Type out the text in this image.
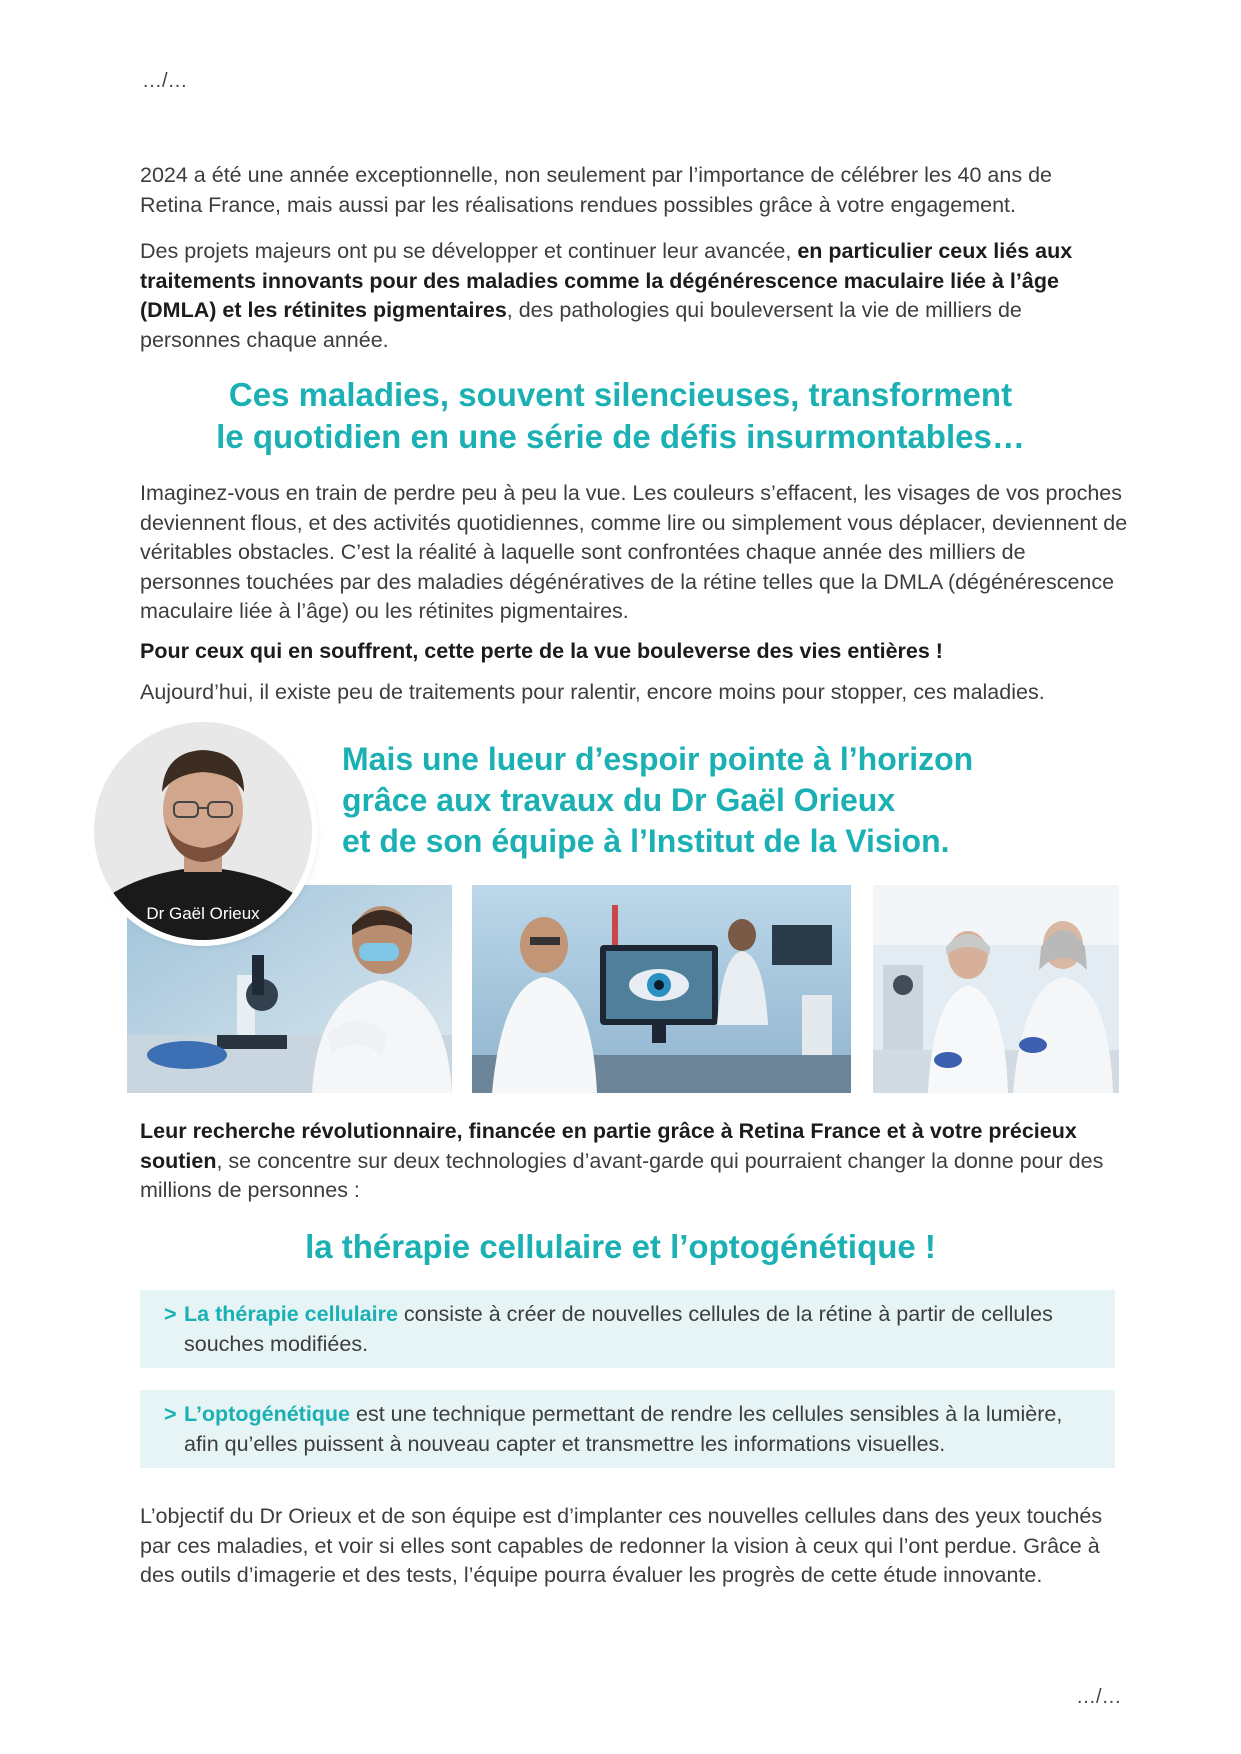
…/…

2024 a été une année exceptionnelle, non seulement par l’importance de célébrer les 40 ans de Retina France, mais aussi par les réalisations rendues possibles grâce à votre engagement.

Des projets majeurs ont pu se développer et continuer leur avancée, en particulier ceux liés aux traitements innovants pour des maladies comme la dégénérescence maculaire liée à l’âge (DMLA) et les rétinites pigmentaires, des pathologies qui bouleversent la vie de milliers de personnes chaque année.

Ces maladies, souvent silencieuses, transforment

le quotidien en une série de défis insurmontables…

Imaginez-vous en train de perdre peu à peu la vue. Les couleurs s’effacent, les visages de vos proches deviennent flous, et des activités quotidiennes, comme lire ou simplement vous déplacer, deviennent de véritables obstacles. C’est la réalité à laquelle sont confrontées chaque année des milliers de personnes touchées par des maladies dégénératives de la rétine telles que la DMLA (dégénérescence maculaire liée à l’âge) ou les rétinites pigmentaires.

Pour ceux qui en souffrent, cette perte de la vue bouleverse des vies entières !

Aujourd’hui, il existe peu de traitements pour ralentir, encore moins pour stopper, ces maladies.

Mais une lueur d’espoir pointe à l’horizon

grâce aux travaux du Dr Gaël Orieux

et de son équipe à l’Institut de la Vision.

Dr Gaël Orieux

Leur recherche révolutionnaire, financée en partie grâce à Retina France et à votre précieux soutien, se concentre sur deux technologies d’avant-garde qui pourraient changer la donne pour des millions de personnes :

la thérapie cellulaire et l’optogénétique !

> La thérapie cellulaire consiste à créer de nouvelles cellules de la rétine à partir de cellules souches modifiées.
> L’optogénétique est une technique permettant de rendre les cellules sensibles à la lumière, afin qu’elles puissent à nouveau capter et transmettre les informations visuelles.

L’objectif du Dr Orieux et de son équipe est d’implanter ces nouvelles cellules dans des yeux touchés par ces maladies, et voir si elles sont capables de redonner la vision à ceux qui l’ont perdue. Grâce à des outils d’imagerie et des tests, l’équipe pourra évaluer les progrès de cette étude innovante.

…/…
